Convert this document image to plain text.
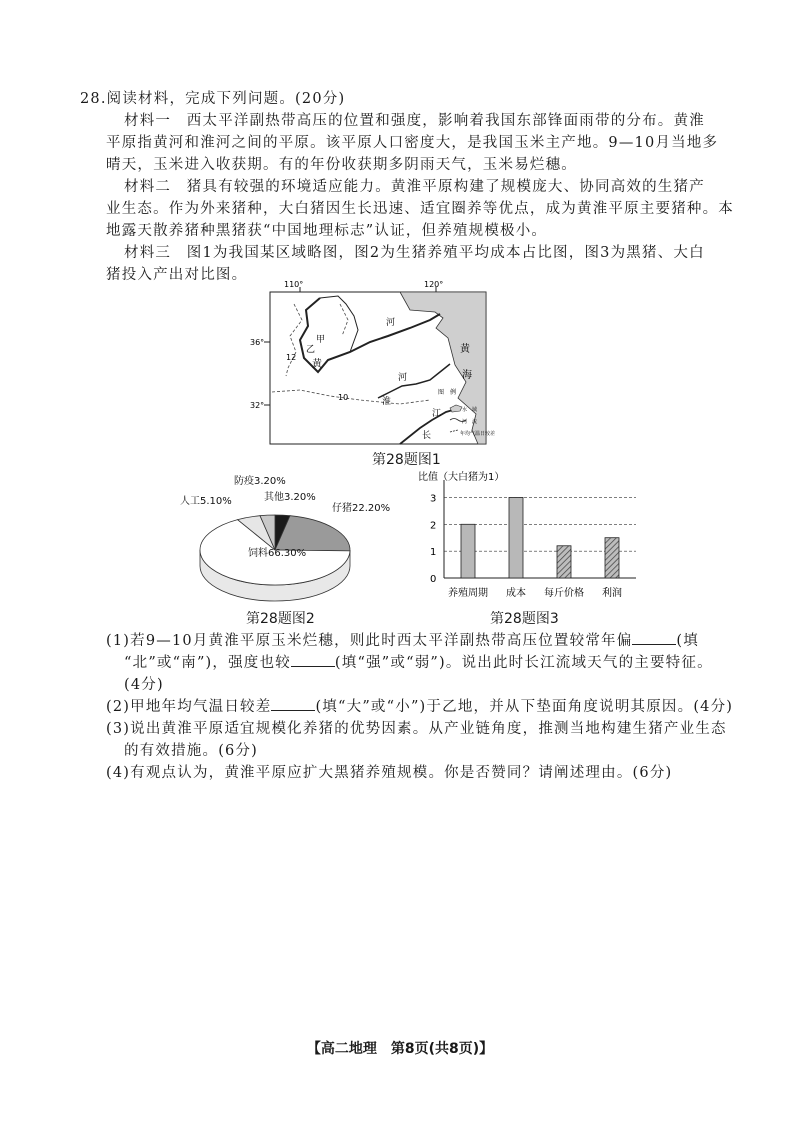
28.阅读材料，完成下列问题。(20分)
材料一　西太平洋副热带高压的位置和强度，影响着我国东部锋面雨带的分布。黄淮
平原指黄河和淮河之间的平原。该平原人口密度大，是我国玉米主产地。9—10月当地多
晴天，玉米进入收获期。有的年份收获期多阴雨天气，玉米易烂穗。
材料二　猪具有较强的环境适应能力。黄淮平原构建了规模庞大、协同高效的生猪产
业生态。作为外来猪种，大白猪因生长迅速、适宜圈养等优点，成为黄淮平原主要猪种。本
地露天散养猪种黑猪获“中国地理标志”认证，但养殖规模极小。
材料三　图1为我国某区域略图，图2为生猪养殖平均成本占比图，图3为黑猪、大白
猪投入产出对比图。
110°	120°
36°
32°
甲
乙
12
10
河
黄
河
淮
江
长
黄
海
图　例
水　域
河　流
年均气温日较差
第28题图1
饲料66.30%
仔猪22.20%
人工5.10%
防疫3.20%
其他3.20%
第28题图2
比值（大白猪为1）
0
1
2
3
养殖周期 成本 每斤价格 利润
第28题图3
(1)若9—10月黄淮平原玉米烂穗，则此时西太平洋副热带高压位置较常年偏	(填
“北”或“南”)，强度也较	(填“强”或“弱”)。说出此时长江流域天气的主要特征。
(4分)
(2)甲地年均气温日较差	(填“大”或“小”)于乙地，并从下垫面角度说明其原因。(4分)
(3)说出黄淮平原适宜规模化养猪的优势因素。从产业链角度，推测当地构建生猪产业生态
的有效措施。(6分)
(4)有观点认为，黄淮平原应扩大黑猪养殖规模。你是否赞同？请阐述理由。(6分)
【高二地理　第8页(共8页)】
